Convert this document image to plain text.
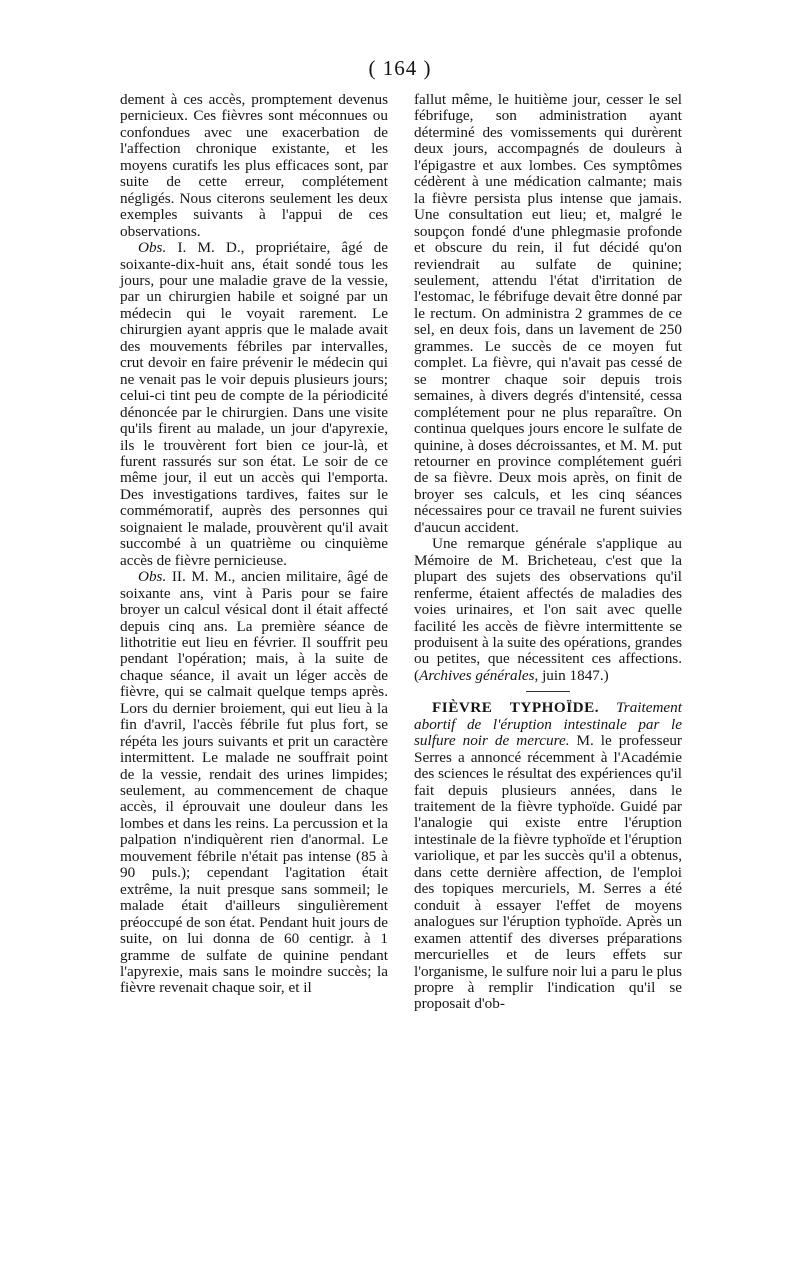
( 164 )

dement à ces accès, promptement devenus pernicieux. Ces fièvres sont méconnues ou confondues avec une exacerbation de l'affection chronique existante, et les moyens curatifs les plus efficaces sont, par suite de cette erreur, complétement négligés. Nous citerons seulement les deux exemples suivants à l'appui de ces observations.

Obs. I. M. D., propriétaire, âgé de soixante-dix-huit ans, était sondé tous les jours, pour une maladie grave de la vessie, par un chirurgien habile et soigné par un médecin qui le voyait rarement. Le chirurgien ayant appris que le malade avait des mouvements fébriles par intervalles, crut devoir en faire prévenir le médecin qui ne venait pas le voir depuis plusieurs jours; celui-ci tint peu de compte de la périodicité dénoncée par le chirurgien. Dans une visite qu'ils firent au malade, un jour d'apyrexie, ils le trouvèrent fort bien ce jour-là, et furent rassurés sur son état. Le soir de ce même jour, il eut un accès qui l'emporta. Des investigations tardives, faites sur le commémoratif, auprès des personnes qui soignaient le malade, prouvèrent qu'il avait succombé à un quatrième ou cinquième accès de fièvre pernicieuse.

Obs. II. M. M., ancien militaire, âgé de soixante ans, vint à Paris pour se faire broyer un calcul vésical dont il était affecté depuis cinq ans. La première séance de lithotritie eut lieu en février. Il souffrit peu pendant l'opération; mais, à la suite de chaque séance, il avait un léger accès de fièvre, qui se calmait quelque temps après. Lors du dernier broiement, qui eut lieu à la fin d'avril, l'accès fébrile fut plus fort, se répéta les jours suivants et prit un caractère intermittent. Le malade ne souffrait point de la vessie, rendait des urines limpides; seulement, au commencement de chaque accès, il éprouvait une douleur dans les lombes et dans les reins. La percussion et la palpation n'indiquèrent rien d'anormal. Le mouvement fébrile n'était pas intense (85 à 90 puls.); cependant l'agitation était extrême, la nuit presque sans sommeil; le malade était d'ailleurs singulièrement préoccupé de son état. Pendant huit jours de suite, on lui donna de 60 centigr. à 1 gramme de sulfate de quinine pendant l'apyrexie, mais sans le moindre succès; la fièvre revenait chaque soir, et il

fallut même, le huitième jour, cesser le sel fébrifuge, son administration ayant déterminé des vomissements qui durèrent deux jours, accompagnés de douleurs à l'épigastre et aux lombes. Ces symptômes cédèrent à une médication calmante; mais la fièvre persista plus intense que jamais. Une consultation eut lieu; et, malgré le soupçon fondé d'une phlegmasie profonde et obscure du rein, il fut décidé qu'on reviendrait au sulfate de quinine; seulement, attendu l'état d'irritation de l'estomac, le fébrifuge devait être donné par le rectum. On administra 2 grammes de ce sel, en deux fois, dans un lavement de 250 grammes. Le succès de ce moyen fut complet. La fièvre, qui n'avait pas cessé de se montrer chaque soir depuis trois semaines, à divers degrés d'intensité, cessa complétement pour ne plus reparaître. On continua quelques jours encore le sulfate de quinine, à doses décroissantes, et M. M. put retourner en province complétement guéri de sa fièvre. Deux mois après, on finit de broyer ses calculs, et les cinq séances nécessaires pour ce travail ne furent suivies d'aucun accident.

Une remarque générale s'applique au Mémoire de M. Bricheteau, c'est que la plupart des sujets des observations qu'il renferme, étaient affectés de maladies des voies urinaires, et l'on sait avec quelle facilité les accès de fièvre intermittente se produisent à la suite des opérations, grandes ou petites, que nécessitent ces affections. (Archives générales, juin 1847.)

FIÈVRE TYPHOÏDE. Traitement abortif de l'éruption intestinale par le sulfure noir de mercure. M. le professeur Serres a annoncé récemment à l'Académie des sciences le résultat des expériences qu'il fait depuis plusieurs années, dans le traitement de la fièvre typhoïde. Guidé par l'analogie qui existe entre l'éruption intestinale de la fièvre typhoïde et l'éruption variolique, et par les succès qu'il a obtenus, dans cette dernière affection, de l'emploi des topiques mercuriels, M. Serres a été conduit à essayer l'effet de moyens analogues sur l'éruption typhoïde. Après un examen attentif des diverses préparations mercurielles et de leurs effets sur l'organisme, le sulfure noir lui a paru le plus propre à remplir l'indication qu'il se proposait d'ob-
